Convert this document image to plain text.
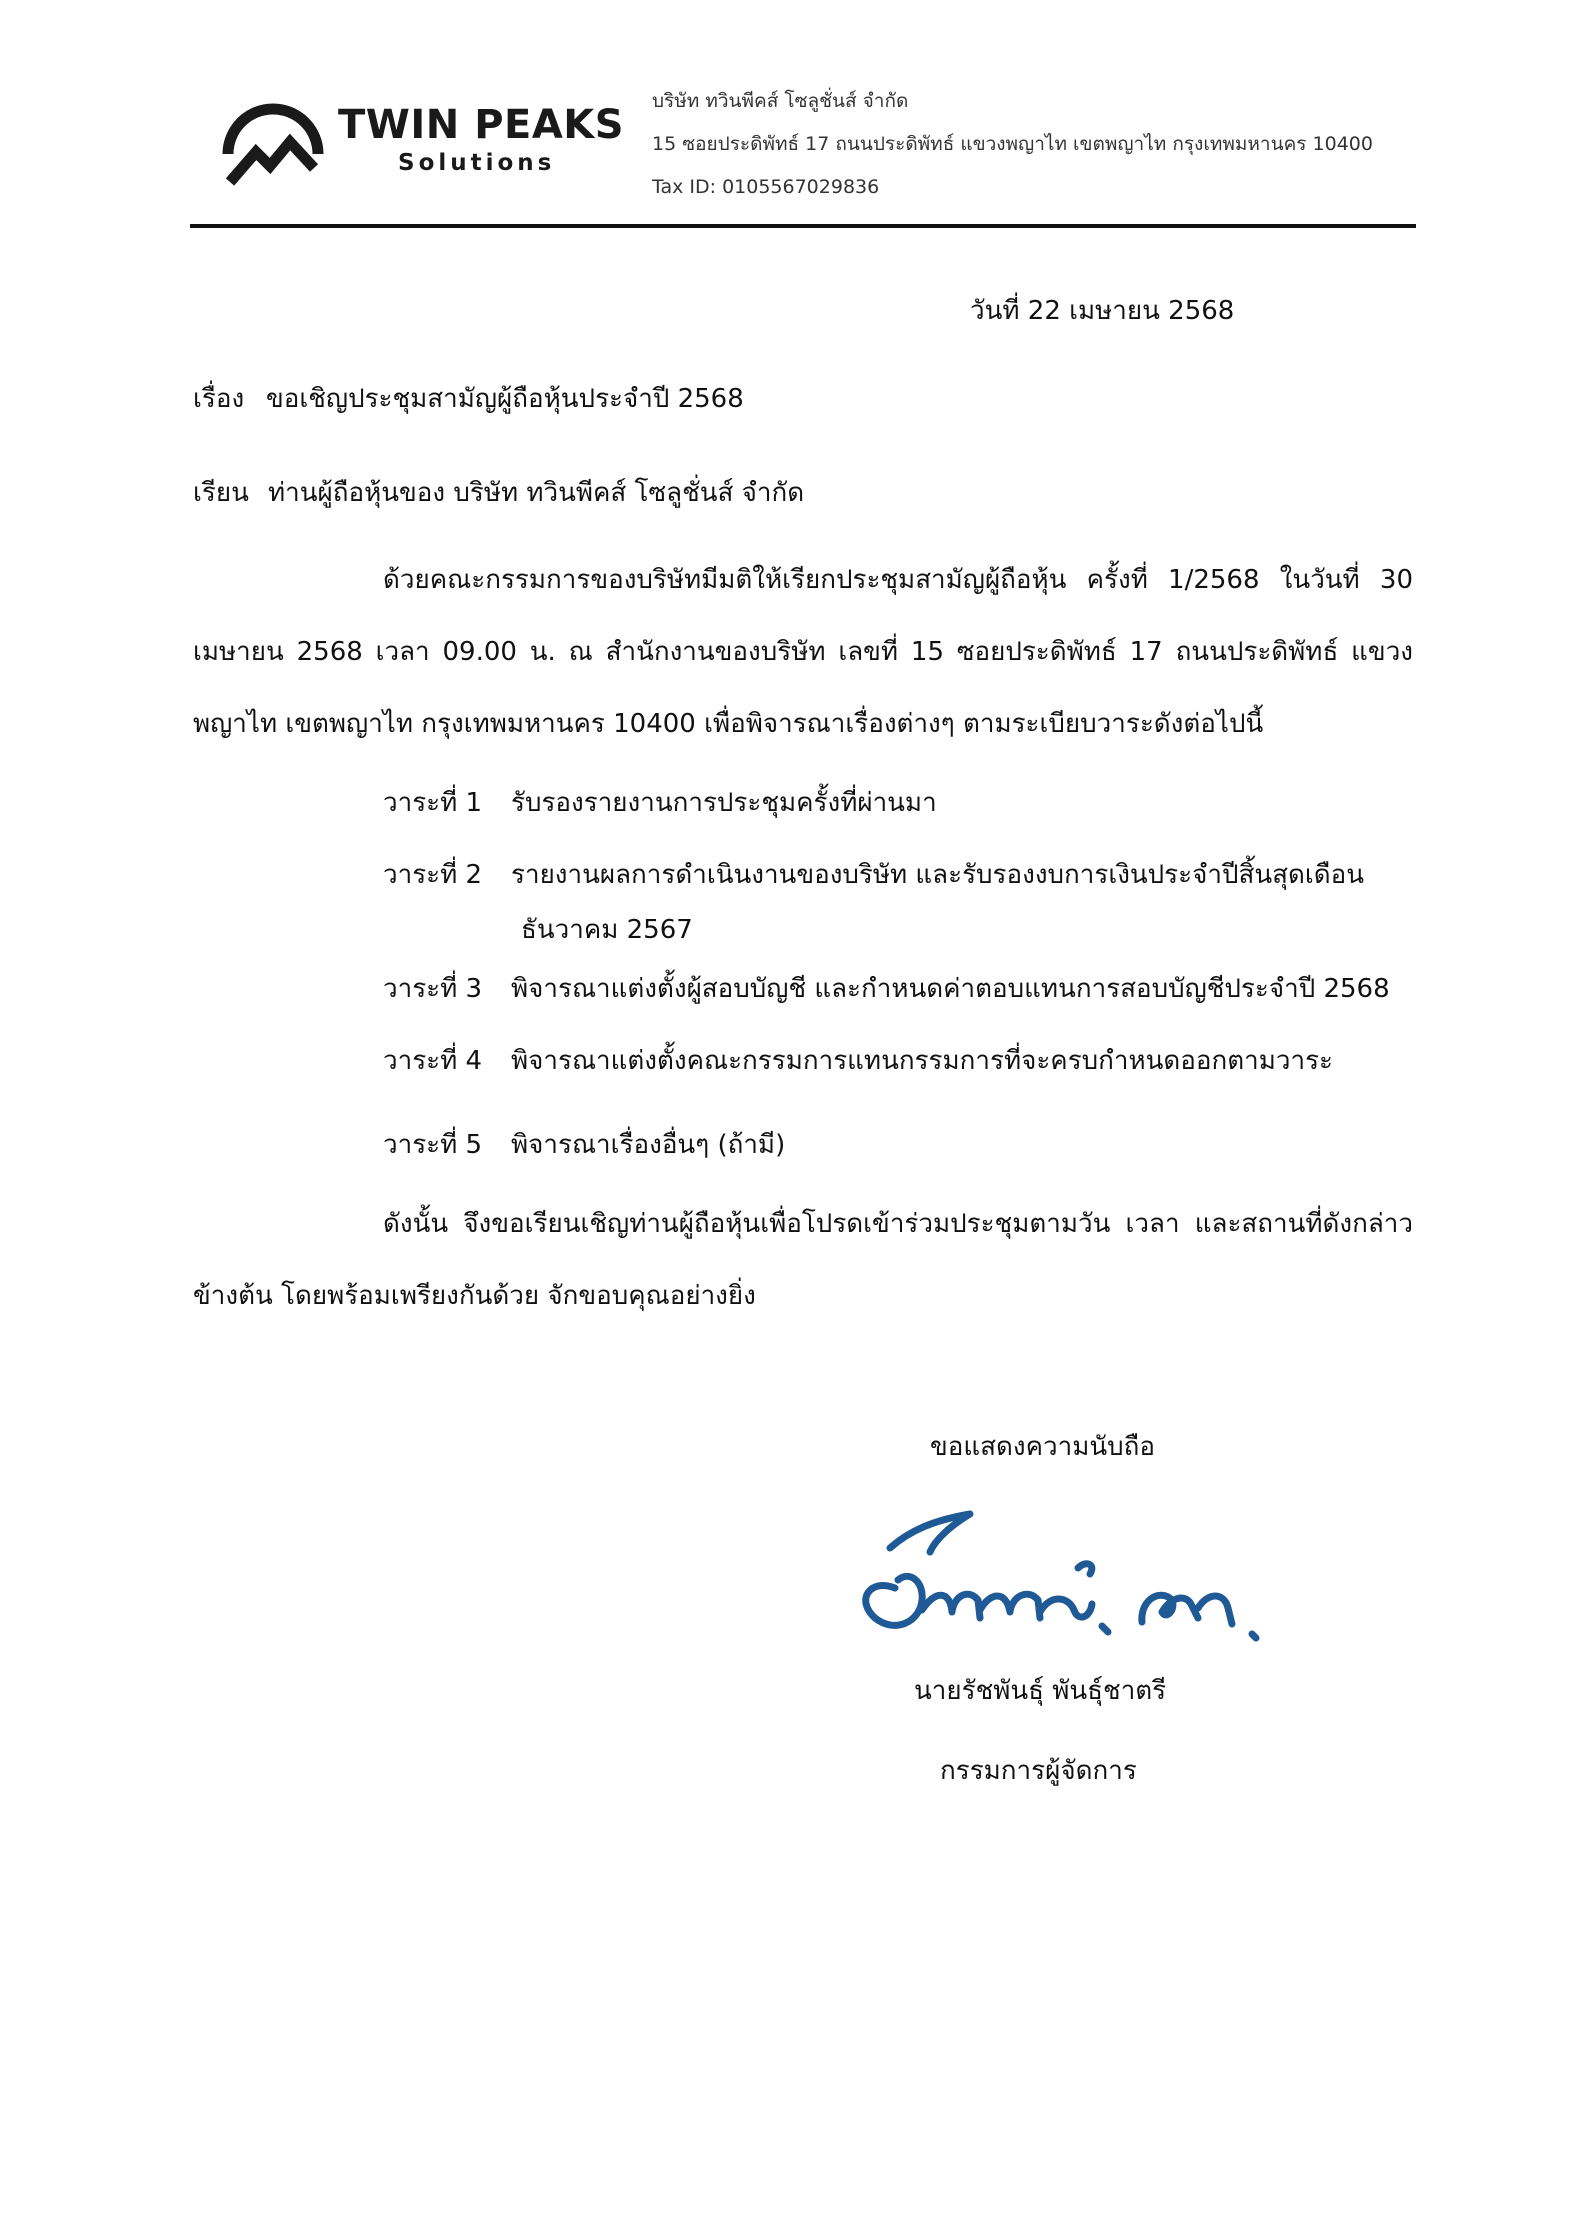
TWIN PEAKS
Solutions
บริษัท ทวินพีคส์ โซลูชั่นส์ จำกัด
15 ซอยประดิพัทธ์ 17 ถนนประดิพัทธ์ แขวงพญาไท เขตพญาไท กรุงเทพมหานคร 10400
Tax ID: 0105567029836
วันที่ 22 เมษายน 2568
เรื่อง ขอเชิญประชุมสามัญผู้ถือหุ้นประจำปี 2568
เรียน ท่านผู้ถือหุ้นของ บริษัท ทวินพีคส์ โซลูชั่นส์ จำกัด
ด้วยคณะกรรมการของบริษัทมีมติให้เรียกประชุมสามัญผู้ถือหุ้น ครั้งที่ 1/2568 ในวันที่ 30 เมษายน 2568 เวลา 09.00 น. ณ สำนักงานของบริษัท เลขที่ 15 ซอยประดิพัทธ์ 17 ถนนประดิพัทธ์ แขวงพญาไท เขตพญาไท กรุงเทพมหานคร 10400 เพื่อพิจารณาเรื่องต่างๆ ตามระเบียบวาระดังต่อไปนี้
วาระที่ 1 รับรองรายงานการประชุมครั้งที่ผ่านมา
วาระที่ 2 รายงานผลการดำเนินงานของบริษัท และรับรองงบการเงินประจำปีสิ้นสุดเดือน
ธันวาคม 2567
วาระที่ 3 พิจารณาแต่งตั้งผู้สอบบัญชี และกำหนดค่าตอบแทนการสอบบัญชีประจำปี 2568
วาระที่ 4 พิจารณาแต่งตั้งคณะกรรมการแทนกรรมการที่จะครบกำหนดออกตามวาระ
วาระที่ 5 พิจารณาเรื่องอื่นๆ (ถ้ามี)
ดังนั้น จึงขอเรียนเชิญท่านผู้ถือหุ้นเพื่อโปรดเข้าร่วมประชุมตามวัน เวลา และสถานที่ดังกล่าวข้างต้น โดยพร้อมเพรียงกันด้วย จักขอบคุณอย่างยิ่ง
ขอแสดงความนับถือ
นายรัชพันธุ์ พันธุ์ชาตรี
กรรมการผู้จัดการ
